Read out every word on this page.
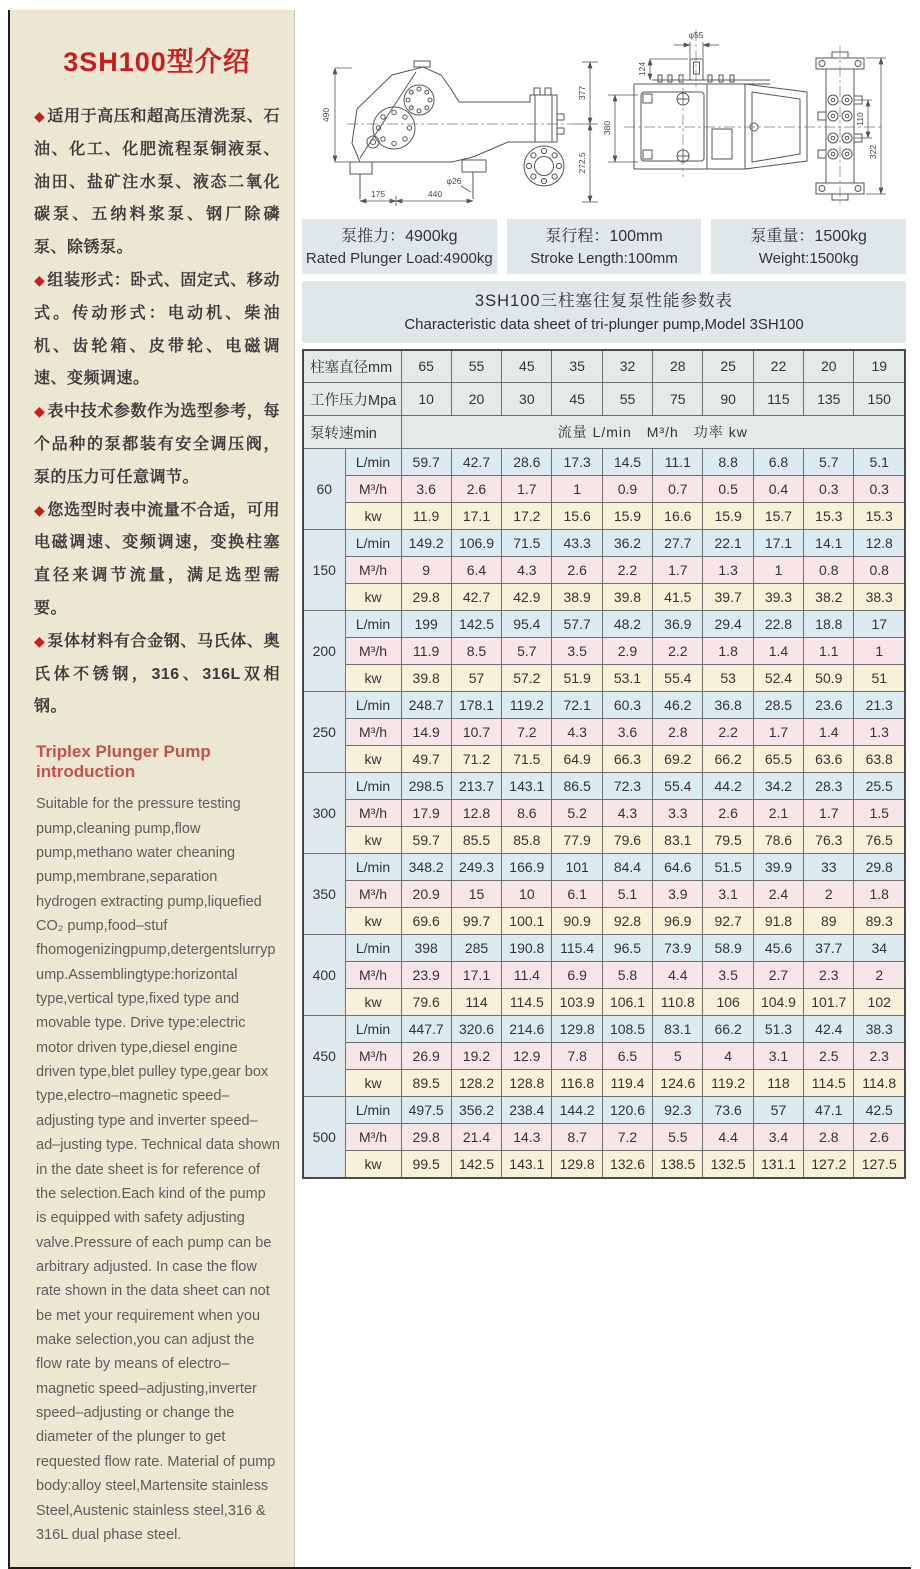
3SH100型介绍

◆ 适用于高压和超高压清洗泵、石油、化工、化肥流程泵铜液泵、油田、盐矿注水泵、液态二氧化碳泵、五纳料浆泵、钢厂除磷泵、除锈泵。

◆ 组装形式：卧式、固定式、移动式。传动形式：电动机、柴油机、齿轮箱、皮带轮、电磁调速、变频调速。

◆ 表中技术参数作为选型参考，每个品种的泵都装有安全调压阀，泵的压力可任意调节。

◆ 您选型时表中流量不合适，可用电磁调速、变频调速，变换柱塞直径来调节流量，满足选型需要。

◆ 泵体材料有合金钢、马氏体、奥氏体不锈钢，316、316L双相钢。

Triplex Plunger Pump introduction

Suitable for the pressure testing pump,cleaning pump,flow pump,methano water cheaning pump,membrane,separation hydrogen extracting pump,liquefied CO₂ pump,food–stuf fhomogenizingpump,detergentslurrypump.Assemblingtype:horizontal type,vertical type,fixed type and movable type. Drive type:electric motor driven type,diesel engine driven type,blet pulley type,gear box type,electro–magnetic speed–adjusting type and inverter speed–ad–justing type. Technical data shown in the date sheet is for reference of the selection.Each kind of the pump is equipped with safety adjusting valve.Pressure of each pump can be arbitrary adjusted. In case the flow rate shown in the data sheet can not be met your requirement when you make selection,you can adjust the flow rate by means of electro–magnetic speed–adjusting,inverter speed–adjusting or change the diameter of the plunger to get requested flow rate. Material of pump body:alloy steel,Martensite stainless Steel,Austenic stainless steel,316 & 316L dual phase steel.

490
175	440
φ26
377
272.5
380
φ55
124
110
322
泵推力：4900kg
Rated Plunger Load:4900kg
泵行程：100mm
Stroke Length:100mm
泵重量：1500kg
Weight:1500kg
3SH100三柱塞往复泵性能参数表
Characteristic data sheet of tri-plunger pump,Model 3SH100
柱塞直径mm		65	55	45	35	32	28	25	22	20	19
工作压力Mpa		10	20	30	45	55	75	90	115	135	150
泵转速min		流量 L/min　M³/h　功率 kw									
60	L/min	59.7	42.7	28.6	17.3	14.5	11.1	8.8	6.8	5.7	5.1
	M³/h	3.6	2.6	1.7	1	0.9	0.7	0.5	0.4	0.3	0.3
	kw	11.9	17.1	17.2	15.6	15.9	16.6	15.9	15.7	15.3	15.3
150	L/min	149.2	106.9	71.5	43.3	36.2	27.7	22.1	17.1	14.1	12.8
	M³/h	9	6.4	4.3	2.6	2.2	1.7	1.3	1	0.8	0.8
	kw	29.8	42.7	42.9	38.9	39.8	41.5	39.7	39.3	38.2	38.3
200	L/min	199	142.5	95.4	57.7	48.2	36.9	29.4	22.8	18.8	17
	M³/h	11.9	8.5	5.7	3.5	2.9	2.2	1.8	1.4	1.1	1
	kw	39.8	57	57.2	51.9	53.1	55.4	53	52.4	50.9	51
250	L/min	248.7	178.1	119.2	72.1	60.3	46.2	36.8	28.5	23.6	21.3
	M³/h	14.9	10.7	7.2	4.3	3.6	2.8	2.2	1.7	1.4	1.3
	kw	49.7	71.2	71.5	64.9	66.3	69.2	66.2	65.5	63.6	63.8
300	L/min	298.5	213.7	143.1	86.5	72.3	55.4	44.2	34.2	28.3	25.5
	M³/h	17.9	12.8	8.6	5.2	4.3	3.3	2.6	2.1	1.7	1.5
	kw	59.7	85.5	85.8	77.9	79.6	83.1	79.5	78.6	76.3	76.5
350	L/min	348.2	249.3	166.9	101	84.4	64.6	51.5	39.9	33	29.8
	M³/h	20.9	15	10	6.1	5.1	3.9	3.1	2.4	2	1.8
	kw	69.6	99.7	100.1	90.9	92.8	96.9	92.7	91.8	89	89.3
400	L/min	398	285	190.8	115.4	96.5	73.9	58.9	45.6	37.7	34
	M³/h	23.9	17.1	11.4	6.9	5.8	4.4	3.5	2.7	2.3	2
	kw	79.6	114	114.5	103.9	106.1	110.8	106	104.9	101.7	102
450	L/min	447.7	320.6	214.6	129.8	108.5	83.1	66.2	51.3	42.4	38.3
	M³/h	26.9	19.2	12.9	7.8	6.5	5	4	3.1	2.5	2.3
	kw	89.5	128.2	128.8	116.8	119.4	124.6	119.2	118	114.5	114.8
500	L/min	497.5	356.2	238.4	144.2	120.6	92.3	73.6	57	47.1	42.5
	M³/h	29.8	21.4	14.3	8.7	7.2	5.5	4.4	3.4	2.8	2.6
	kw	99.5	142.5	143.1	129.8	132.6	138.5	132.5	131.1	127.2	127.5
